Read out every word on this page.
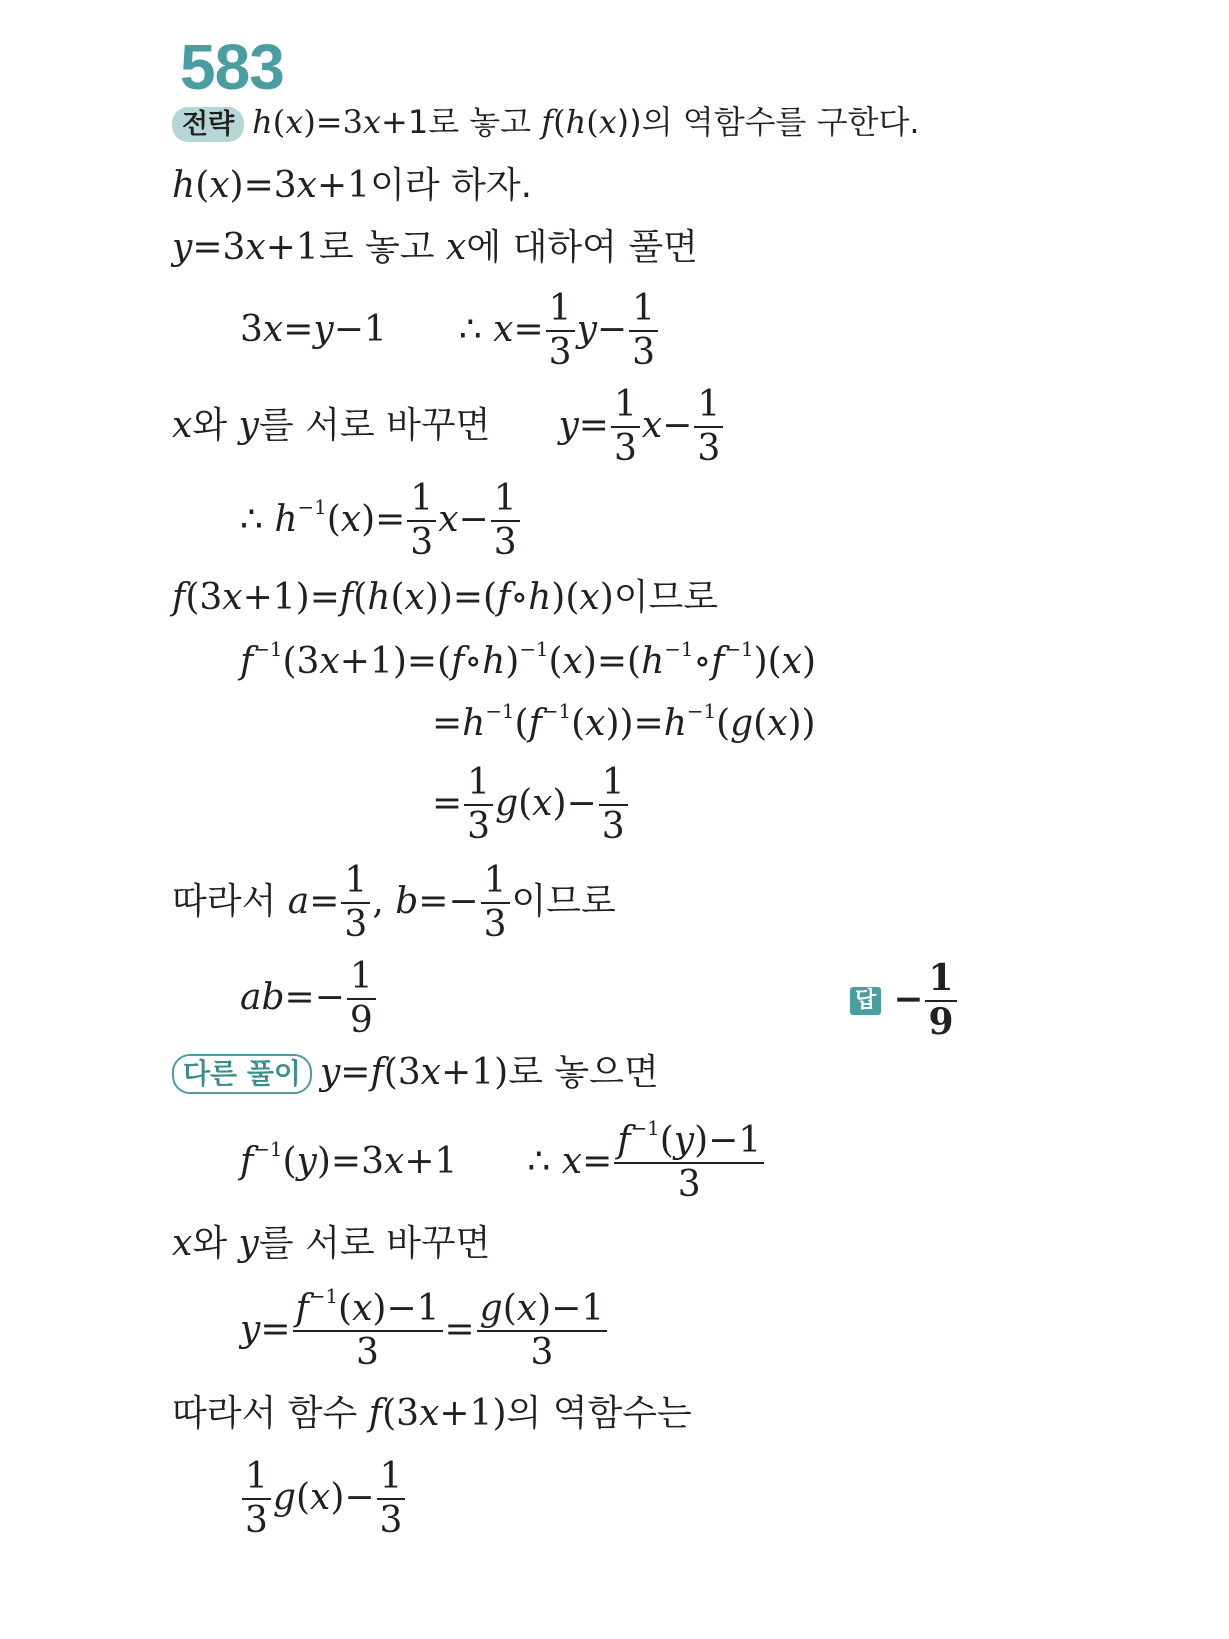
583
전략 h(x)=3x+1로 놓고 f(h(x))의 역함수를 구한다.
h(x)=3x+1이라 하자.
y=3x+1로 놓고 x에 대하여 풀면
3x=y−1 ∴ $x= \frac{1}{3} y- \frac{1}{3}$
x와 y를 서로 바꾸면 $y= \frac{1}{3} x- \frac{1}{3}$
∴ $h^{-1}(x)= \frac{1}{3} x- \frac{1}{3}$
f(3x+1)=f(h(x))=(f∘h)(x)이므로
$f^{-1}(3x+1)=(f\circ h)^{-1}(x)=(h^{-1}\circ f^{-1})(x)$
$=h^{-1}(f^{-1}(x))=h^{-1}(g(x))$
= $\frac{1}{3} g(x)- \frac{1}{3}$
따라서 $a= \frac{1}{3}$ , $b=- \frac{1}{3}$ 이므로
$ab=- \frac{1}{9}$	답 − $\frac{1}{9}$
다른 풀이 y=f(3x+1)로 놓으면
$f^{-1}(y)=3x+1$ ∴ $x= \frac{f^{-1}(y)-1}{3}$
x와 y를 서로 바꾸면
$y= \frac{f^{-1}(x)-1}{3} = \frac{g(x)-1}{3}$
따라서 함수 f(3x+1)의 역함수는
$\frac{1}{3} g(x)- \frac{1}{3}$
